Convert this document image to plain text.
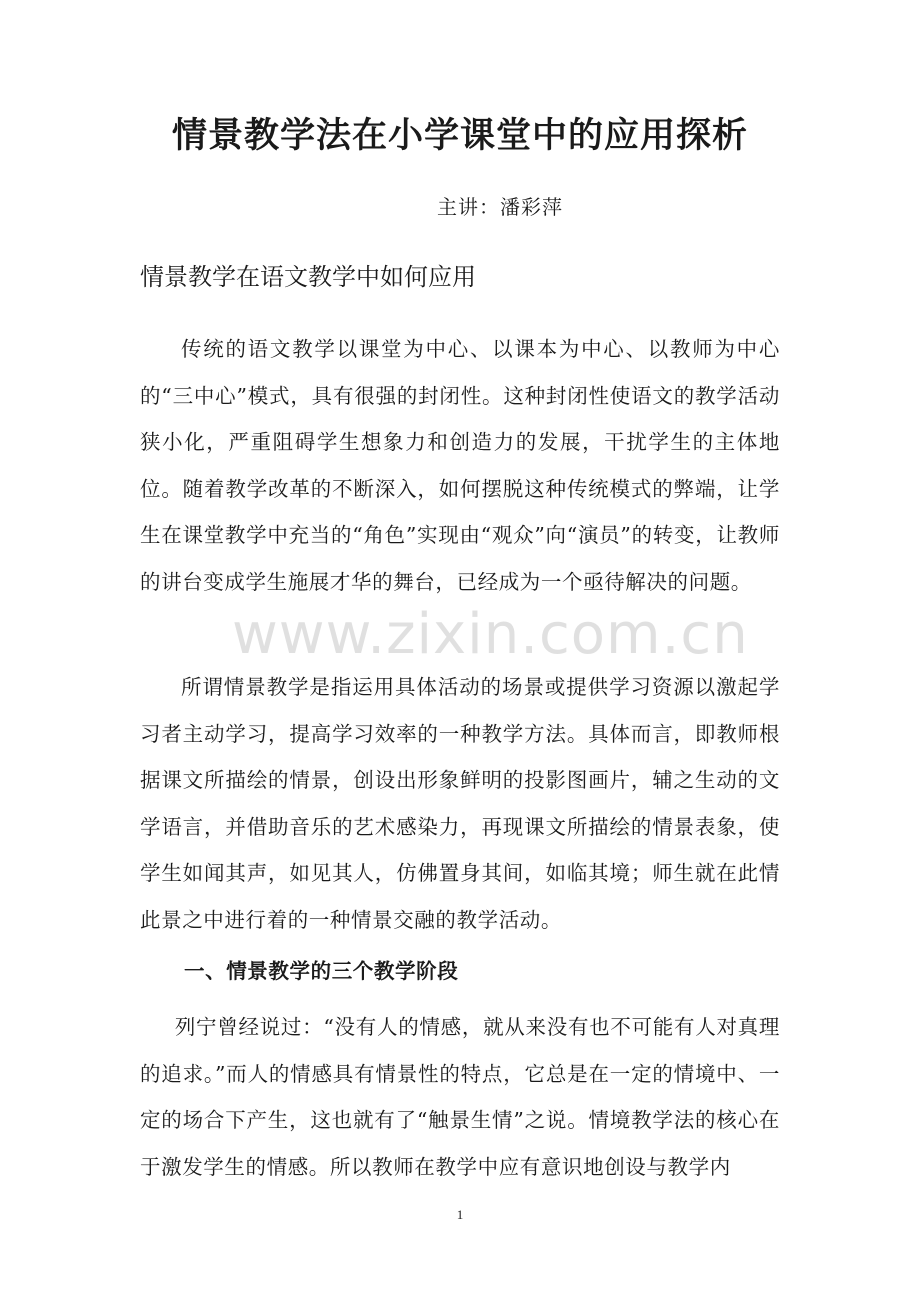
情景教学法在小学课堂中的应用探析
主讲：潘彩萍
情景教学在语文教学中如何应用

传统的语文教学以课堂为中心、以课本为中心、以教师为中心的“三中心”模式，具有很强的封闭性。这种封闭性使语文的教学活动狭小化，严重阻碍学生想象力和创造力的发展，干扰学生的主体地位。随着教学改革的不断深入，如何摆脱这种传统模式的弊端，让学生在课堂教学中充当的“角色”实现由“观众”向“演员”的转变，让教师的讲台变成学生施展才华的舞台，已经成为一个亟待解决的问题。

所谓情景教学是指运用具体活动的场景或提供学习资源以激起学习者主动学习，提高学习效率的一种教学方法。具体而言，即教师根据课文所描绘的情景，创设出形象鲜明的投影图画片，辅之生动的文学语言，并借助音乐的艺术感染力，再现课文所描绘的情景表象，使学生如闻其声，如见其人，仿佛置身其间，如临其境；师生就在此情此景之中进行着的一种情景交融的教学活动。

一、情景教学的三个教学阶段

列宁曾经说过：“没有人的情感，就从来没有也不可能有人对真理的追求。”而人的情感具有情景性的特点，它总是在一定的情境中、一定的场合下产生，这也就有了“触景生情”之说。情境教学法的核心在于激发学生的情感。所以教师在教学中应有意识地创设与教学内

www.zixin.com.cn
1
